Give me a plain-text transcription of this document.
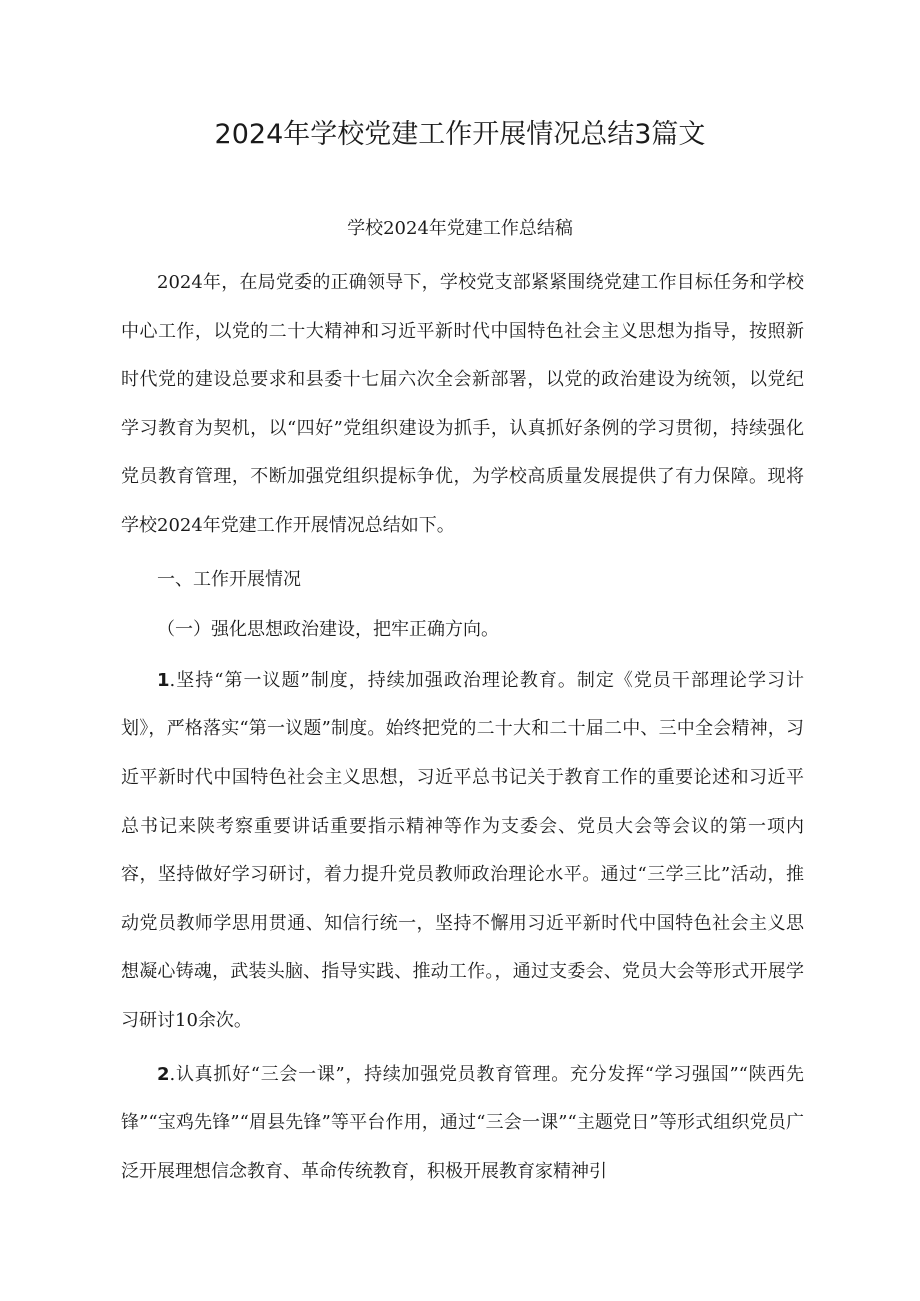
2024年学校党建工作开展情况总结3篇文
学校2024年党建工作总结稿

2024年，在局党委的正确领导下，学校党支部紧紧围绕党建工作目标任务和学校中心工作，以党的二十大精神和习近平新时代中国特色社会主义思想为指导，按照新时代党的建设总要求和县委十七届六次全会新部署，以党的政治建设为统领，以党纪学习教育为契机，以“四好”党组织建设为抓手，认真抓好条例的学习贯彻，持续强化党员教育管理，不断加强党组织提标争优，为学校高质量发展提供了有力保障。现将学校2024年党建工作开展情况总结如下。

一、工作开展情况

（一）强化思想政治建设，把牢正确方向。

1.坚持“第一议题”制度，持续加强政治理论教育。制定《党员干部理论学习计划》，严格落实“第一议题”制度。始终把党的二十大和二十届二中、三中全会精神，习近平新时代中国特色社会主义思想，习近平总书记关于教育工作的重要论述和习近平总书记来陕考察重要讲话重要指示精神等作为支委会、党员大会等会议的第一项内容，坚持做好学习研讨，着力提升党员教师政治理论水平。通过“三学三比”活动，推动党员教师学思用贯通、知信行统一，坚持不懈用习近平新时代中国特色社会主义思想凝心铸魂，武装头脑、指导实践、推动工作。，通过支委会、党员大会等形式开展学习研讨10余次。

2.认真抓好“三会一课”，持续加强党员教育管理。充分发挥“学习强国”“陕西先锋”“宝鸡先锋”“眉县先锋”等平台作用，通过“三会一课”“主题党日”等形式组织党员广泛开展理想信念教育、革命传统教育，积极开展教育家精神引
